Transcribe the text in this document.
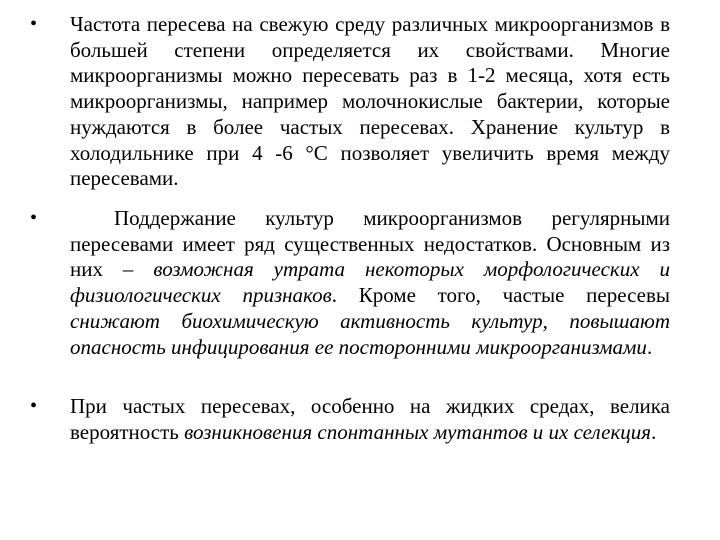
• Частота пересева на свежую среду различных микроорганизмов в большей степени определяется их свойствами. Многие микроорганизмы можно пересевать раз в 1-2 месяца, хотя есть микроорганизмы, например молочнокислые бактерии, которые нуждаются в более частых пересевах. Хранение культур в холодильнике при 4 -6 °С позволяет увеличить время между пересевами.
•	Поддержание культур микроорганизмов регулярными пересевами имеет ряд существенных недостатков. Основным из них – возможная утрата некоторых морфологических и физиологических признаков. Кроме того, частые пересевы снижают биохимическую активность культур, повышают опасность инфицирования ее посторонними микроорганизмами.
• При частых пересевах, особенно на жидких средах, велика вероятность возникновения спонтанных мутантов и их селекция.
